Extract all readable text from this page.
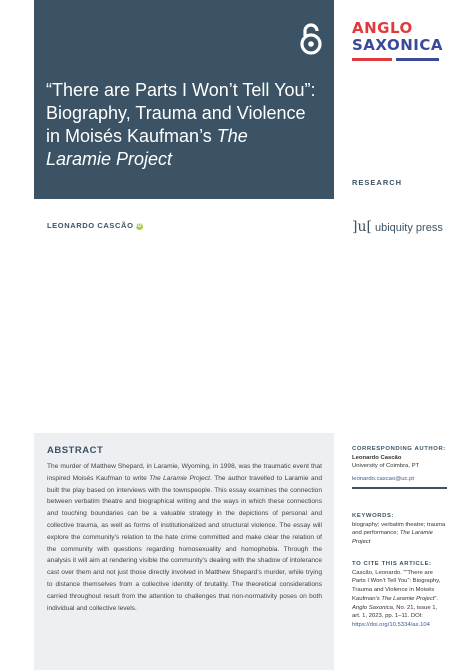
“There are Parts I Won’t Tell You”: Biography, Trauma and Violence in Moisés Kaufman’s The Laramie Project
ANGLO
SAXONICA
RESEARCH
LEONARDO CASCÃO iD	]u[ ubiquity press
ABSTRACT
The murder of Matthew Shepard, in Laramie, Wyoming, in 1998, was the traumatic event that inspired Moisés Kaufman to write The Laramie Project. The author travelled to Laramie and built the play based on interviews with the townspeople. This essay examines the connection between verbatim theatre and biographical writing and the ways in which these connections and touching boundaries can be a valuable strategy in the depictions of personal and collective trauma, as well as forms of institutionalized and structural violence. The essay will explore the community’s relation to the hate crime committed and make clear the relation of the community with questions regarding homosexuality and homophobia. Through the analysis it will aim at rendering visible the community’s dealing with the shadow of intolerance cast over them and not just those directly involved in Matthew Shepard’s murder, while trying to distance themselves from a collective identity of brutality. The theoretical considerations carried throughout result from the attention to challenges that non-normativity poses on both individual and collective levels.
CORRESPONDING AUTHOR:
Leonardo Cascão
University of Coimbra, PT
leonardo.cascao@uc.pt
KEYWORDS:
biography; verbatim theatre; trauma and performance; The Laramie Project
TO CITE THIS ARTICLE:
Cascão, Leonardo. ““There are Parts I Won’t Tell You”: Biography, Trauma and Violence in Moisés Kaufman’s The Laramie Project”. Anglo Saxonica, No. 21, issue 1, art. 1, 2023, pp. 1–11. DOI: https://doi.org/10.5334/as.104
